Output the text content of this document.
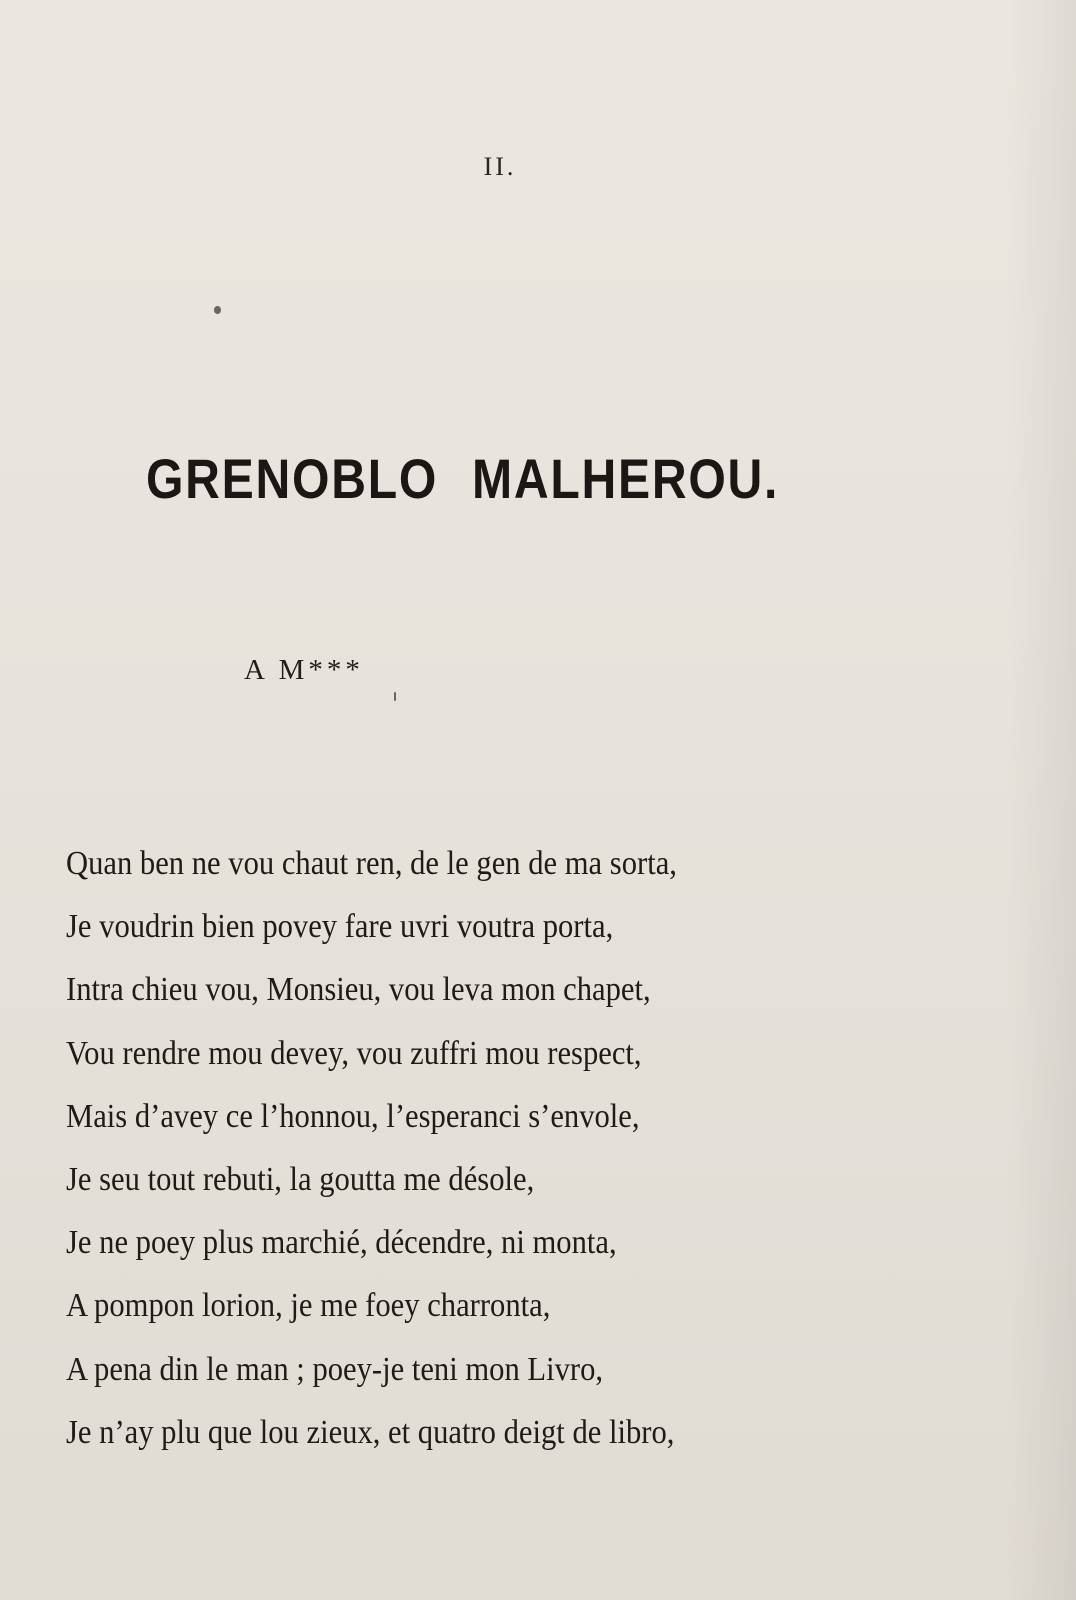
II.
GRENOBLO MALHEROU.
A M***
Quan ben ne vou chaut ren, de le gen de ma sorta,
Je voudrin bien povey fare uvri voutra porta,
Intra chieu vou, Monsieu, vou leva mon chapet,
Vou rendre mou devey, vou zuffri mou respect,
Mais d’avey ce l’honnou, l’esperanci s’envole,
Je seu tout rebuti, la goutta me désole,
Je ne poey plus marchié, décendre, ni monta,
A pompon lorion, je me foey charronta,
A pena din le man ; poey-je teni mon Livro,
Je n’ay plu que lou zieux, et quatro deigt de libro,
